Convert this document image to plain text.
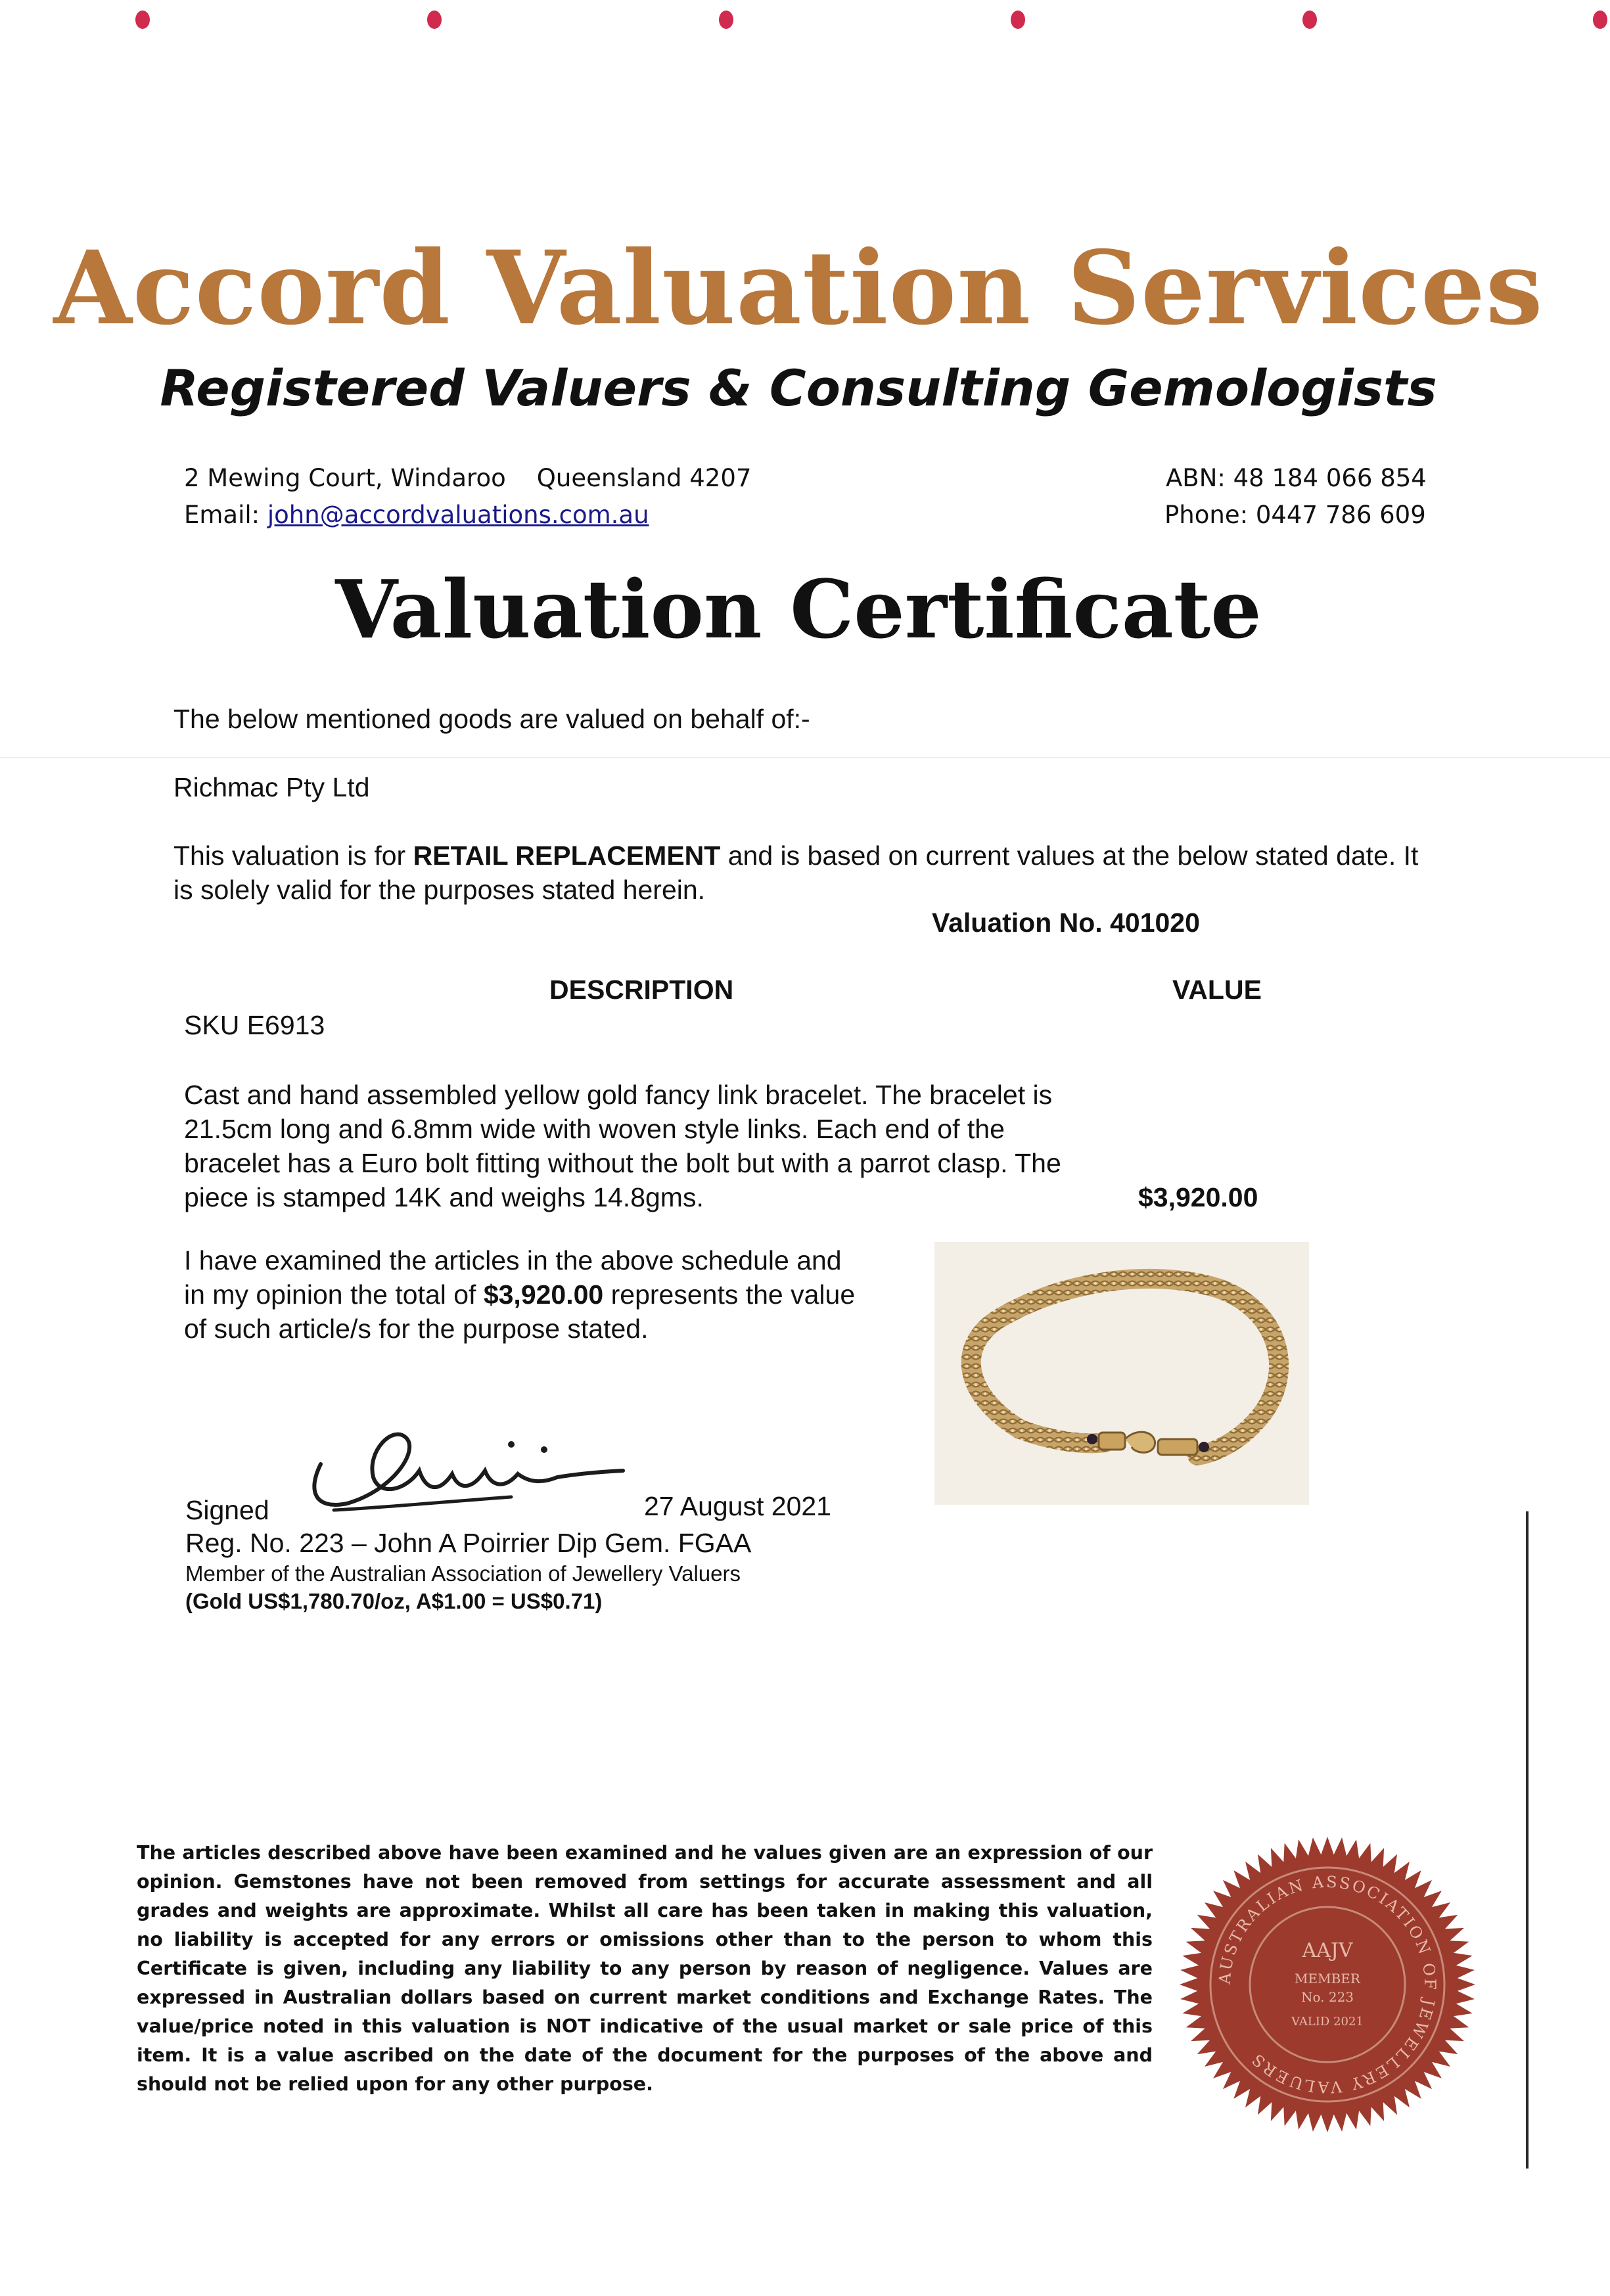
Accord Valuation Services
Registered Valuers & Consulting Gemologists
2 Mewing Court, Windaroo    Queensland 4207
Email: john@accordvaluations.com.au
ABN: 48 184 066 854
Phone: 0447 786 609
Valuation Certificate
The below mentioned goods are valued on behalf of:-
Richmac Pty Ltd
This valuation is for RETAIL REPLACEMENT and is based on current values at the below stated date. It is solely valid for the purposes stated herein.
Valuation No. 401020
DESCRIPTION	VALUE
SKU E6913
Cast and hand assembled yellow gold fancy link bracelet. The bracelet is
21.5cm long and 6.8mm wide with woven style links. Each end of the
bracelet has a Euro bolt fitting without the bolt but with a parrot clasp. The
piece is stamped 14K and weighs 14.8gms.	$3,920.00
I have examined the articles in the above schedule and
in my opinion the total of $3,920.00 represents the value
of such article/s for the purpose stated.
Signed	27 August 2021
Reg. No. 223 – John A Poirrier Dip Gem. FGAA
Member of the Australian Association of Jewellery Valuers
(Gold US$1,780.70/oz, A$1.00 = US$0.71)
The articles described above have been examined and he values given are an expression of our opinion. Gemstones have not been removed from settings for accurate assessment and all grades and weights are approximate. Whilst all care has been taken in making this valuation, no liability is accepted for any errors or omissions other than to the person to whom this Certificate is given, including any liability to any person by reason of negligence. Values are expressed in Australian dollars based on current market conditions and Exchange Rates. The value/price noted in this valuation is NOT indicative of the usual market or sale price of this item. It is a value ascribed on the date of the document for the purposes of the above and should not be relied upon for any other purpose.
AUSTRALIAN ASSOCIATION OF JEWELLERY VALUERS
AAJV
MEMBER
No. 223
VALID 2021
